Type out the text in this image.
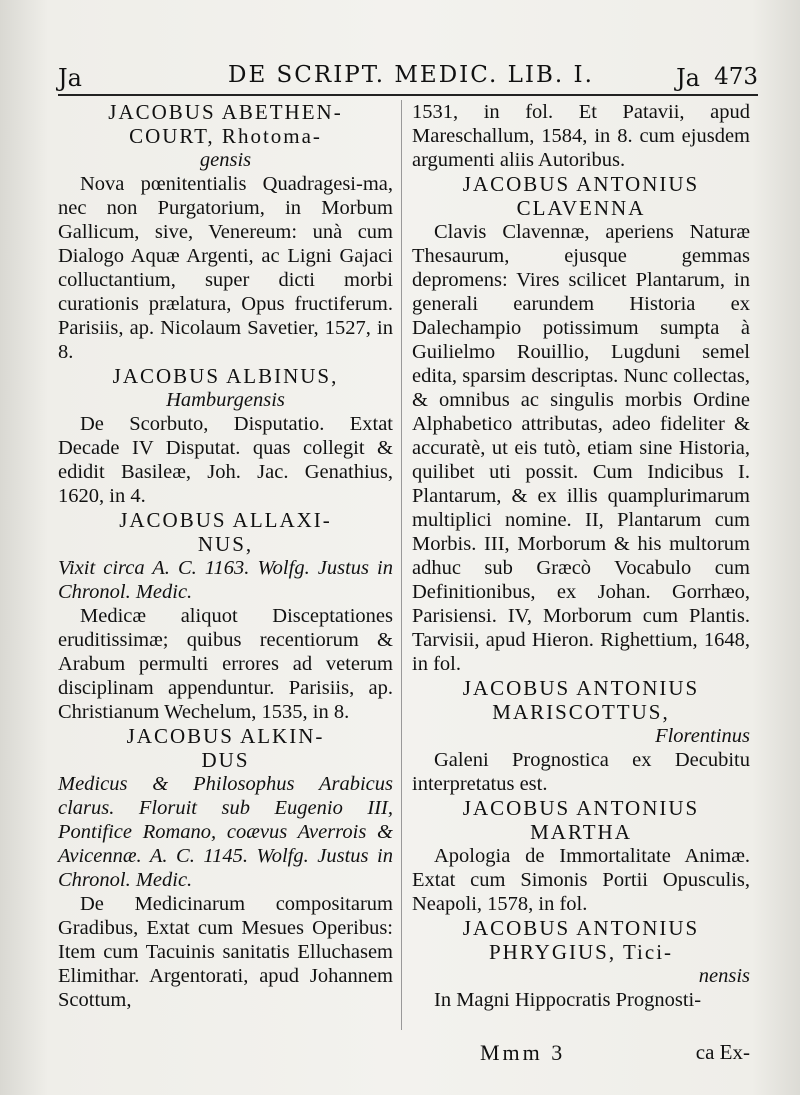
Ja	DE SCRIPT. MEDIC. LIB. I.	Ja 473
JACOBUS ABETHEN-
COURT, Rhotoma-
gensis
Nova pœnitentialis Quadragesi-ma, nec non Purgatorium, in Morbum Gallicum, sive, Venereum: unà cum Dialogo Aquæ Argenti, ac Ligni Gajaci colluctantium, super dicti morbi curationis prælatura, Opus fructiferum. Parisiis, ap. Nicolaum Savetier, 1527, in 8.
JACOBUS ALBINUS,
Hamburgensis
De Scorbuto, Disputatio. Extat Decade IV Disputat. quas collegit & edidit Basileæ, Joh. Jac. Genathius, 1620, in 4.
JACOBUS ALLAXI-
NUS,
Vixit circa A. C. 1163. Wolfg. Justus in Chronol. Medic.
Medicæ aliquot Disceptationes eruditissimæ; quibus recentiorum & Arabum permulti errores ad veterum disciplinam appenduntur. Parisiis, ap. Christianum Wechelum, 1535, in 8.
JACOBUS ALKIN-
DUS
Medicus & Philosophus Arabicus clarus. Floruit sub Eugenio III, Pontifice Romano, coævus Averrois & Avicennæ. A. C. 1145. Wolfg. Justus in Chronol. Medic.
De Medicinarum compositarum Gradibus, Extat cum Mesues Operibus: Item cum Tacuinis sanitatis Elluchasem Elimithar. Argentorati, apud Johannem Scottum,
1531, in fol. Et Patavii, apud Mareschallum, 1584, in 8. cum ejusdem argumenti aliis Autoribus.
JACOBUS ANTONIUS
CLAVENNA
Clavis Clavennæ, aperiens Naturæ Thesaurum, ejusque gemmas depromens: Vires scilicet Plantarum, in generali earundem Historia ex Dalechampio potissimum sumpta à Guilielmo Rouillio, Lugduni semel edita, sparsim descriptas. Nunc collectas, & omnibus ac singulis morbis Ordine Alphabetico attributas, adeo fideliter & accuratè, ut eis tutò, etiam sine Historia, quilibet uti possit. Cum Indicibus I. Plantarum, & ex illis quamplurimarum multiplici nomine. II, Plantarum cum Morbis. III, Morborum & his multorum adhuc sub Græcò Vocabulo cum Definitionibus, ex Johan. Gorrhæo, Parisiensi. IV, Morborum cum Plantis. Tarvisii, apud Hieron. Righettium, 1648, in fol.
JACOBUS ANTONIUS
MARISCOTTUS,
Florentinus
Galeni Prognostica ex Decubitu interpretatus est.
JACOBUS ANTONIUS
MARTHA
Apologia de Immortalitate Animæ. Extat cum Simonis Portii Opusculis, Neapoli, 1578, in fol.
JACOBUS ANTONIUS
PHRYGIUS, Tici-
nensis
In Magni Hippocratis Prognosti-
Mmm 3	ca Ex-
